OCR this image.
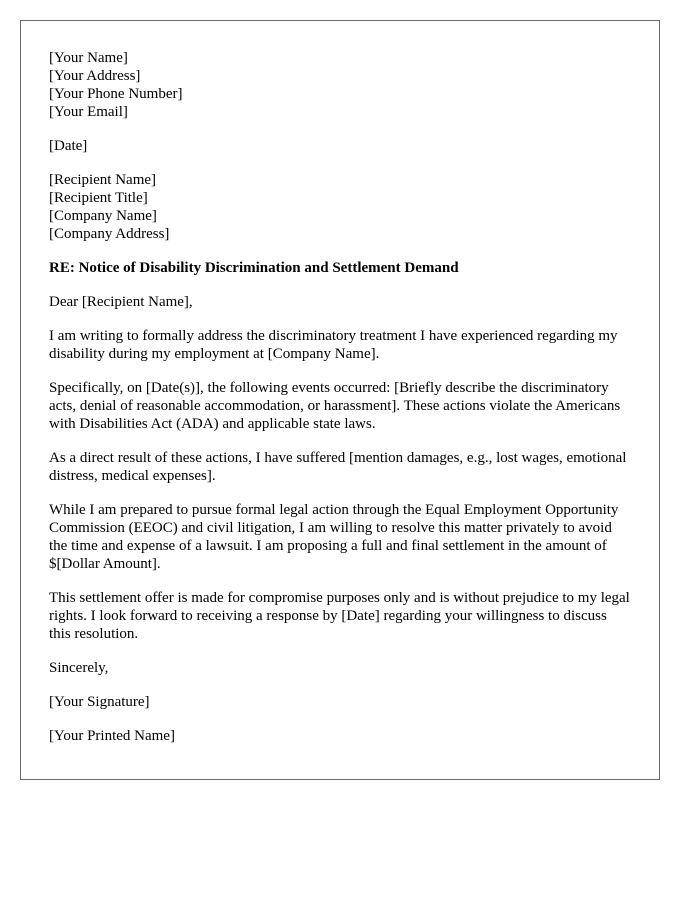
[Your Name]
[Your Address]
[Your Phone Number]
[Your Email]
[Date]
[Recipient Name]
[Recipient Title]
[Company Name]
[Company Address]
RE: Notice of Disability Discrimination and Settlement Demand

Dear [Recipient Name],

I am writing to formally address the discriminatory treatment I have experienced regarding my disability during my employment at [Company Name].

Specifically, on [Date(s)], the following events occurred: [Briefly describe the discriminatory acts, denial of reasonable accommodation, or harassment]. These actions violate the Americans with Disabilities Act (ADA) and applicable state laws.

As a direct result of these actions, I have suffered [mention damages, e.g., lost wages, emotional distress, medical expenses].

While I am prepared to pursue formal legal action through the Equal Employment Opportunity Commission (EEOC) and civil litigation, I am willing to resolve this matter privately to avoid the time and expense of a lawsuit. I am proposing a full and final settlement in the amount of $[Dollar Amount].

This settlement offer is made for compromise purposes only and is without prejudice to my legal rights. I look forward to receiving a response by [Date] regarding your willingness to discuss this resolution.

Sincerely,

[Your Signature]

[Your Printed Name]
